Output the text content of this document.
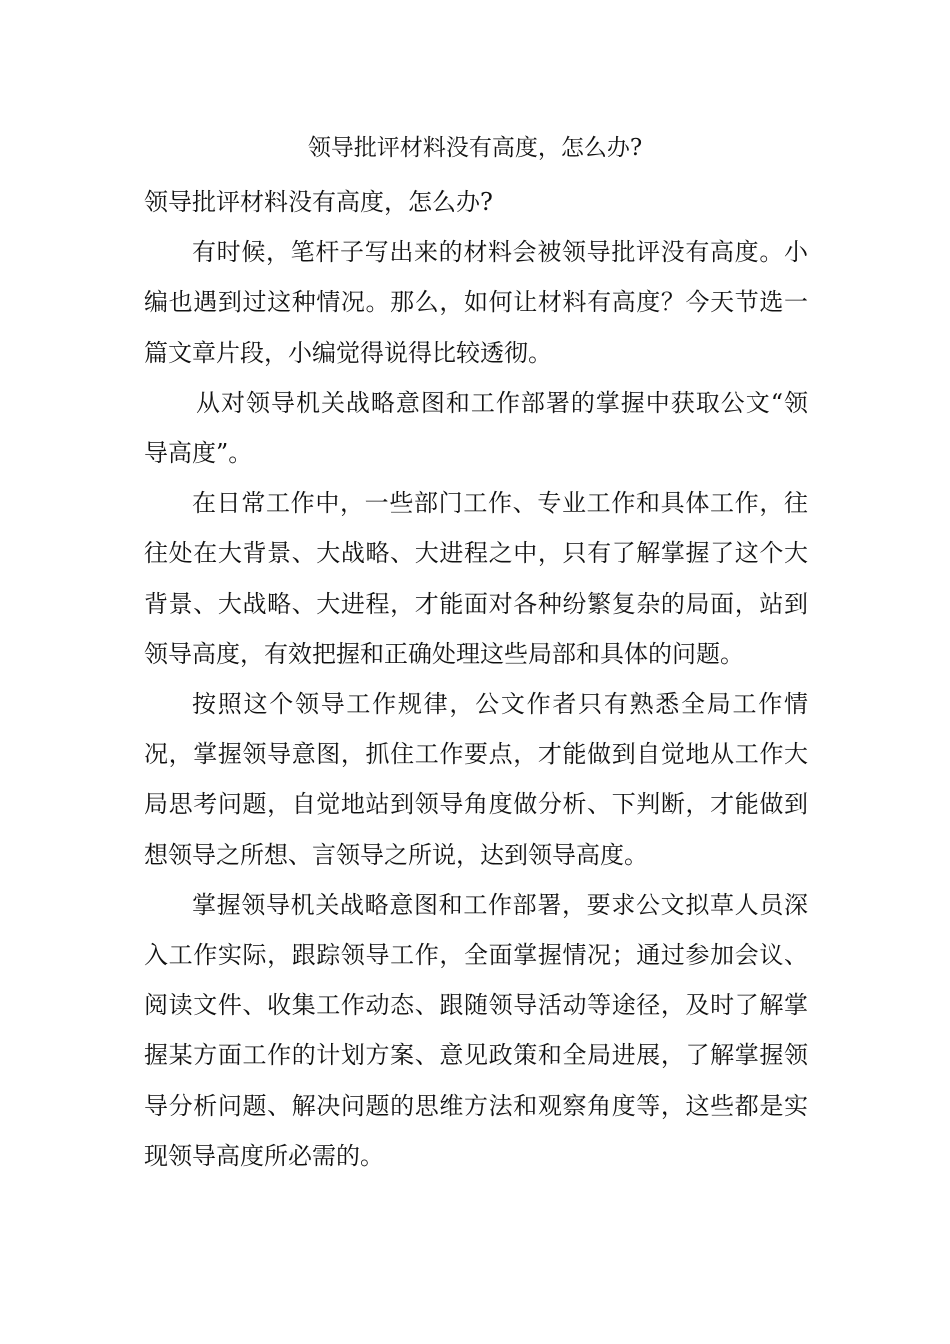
领导批评材料没有高度，怎么办?

领导批评材料没有高度，怎么办?

有时候，笔杆子写出来的材料会被领导批评没有高度。小编也遇到过这种情况。那么，如何让材料有高度？今天节选一篇文章片段，小编觉得说得比较透彻。

从对领导机关战略意图和工作部署的掌握中获取公文“领导高度”。

在日常工作中，一些部门工作、专业工作和具体工作，往往处在大背景、大战略、大进程之中，只有了解掌握了这个大背景、大战略、大进程，才能面对各种纷繁复杂的局面，站到领导高度，有效把握和正确处理这些局部和具体的问题。

按照这个领导工作规律，公文作者只有熟悉全局工作情况，掌握领导意图，抓住工作要点，才能做到自觉地从工作大局思考问题，自觉地站到领导角度做分析、下判断，才能做到想领导之所想、言领导之所说，达到领导高度。

掌握领导机关战略意图和工作部署，要求公文拟草人员深入工作实际，跟踪领导工作，全面掌握情况；通过参加会议、阅读文件、收集工作动态、跟随领导活动等途径，及时了解掌握某方面工作的计划方案、意见政策和全局进展，了解掌握领导分析问题、解决问题的思维方法和观察角度等，这些都是实现领导高度所必需的。
